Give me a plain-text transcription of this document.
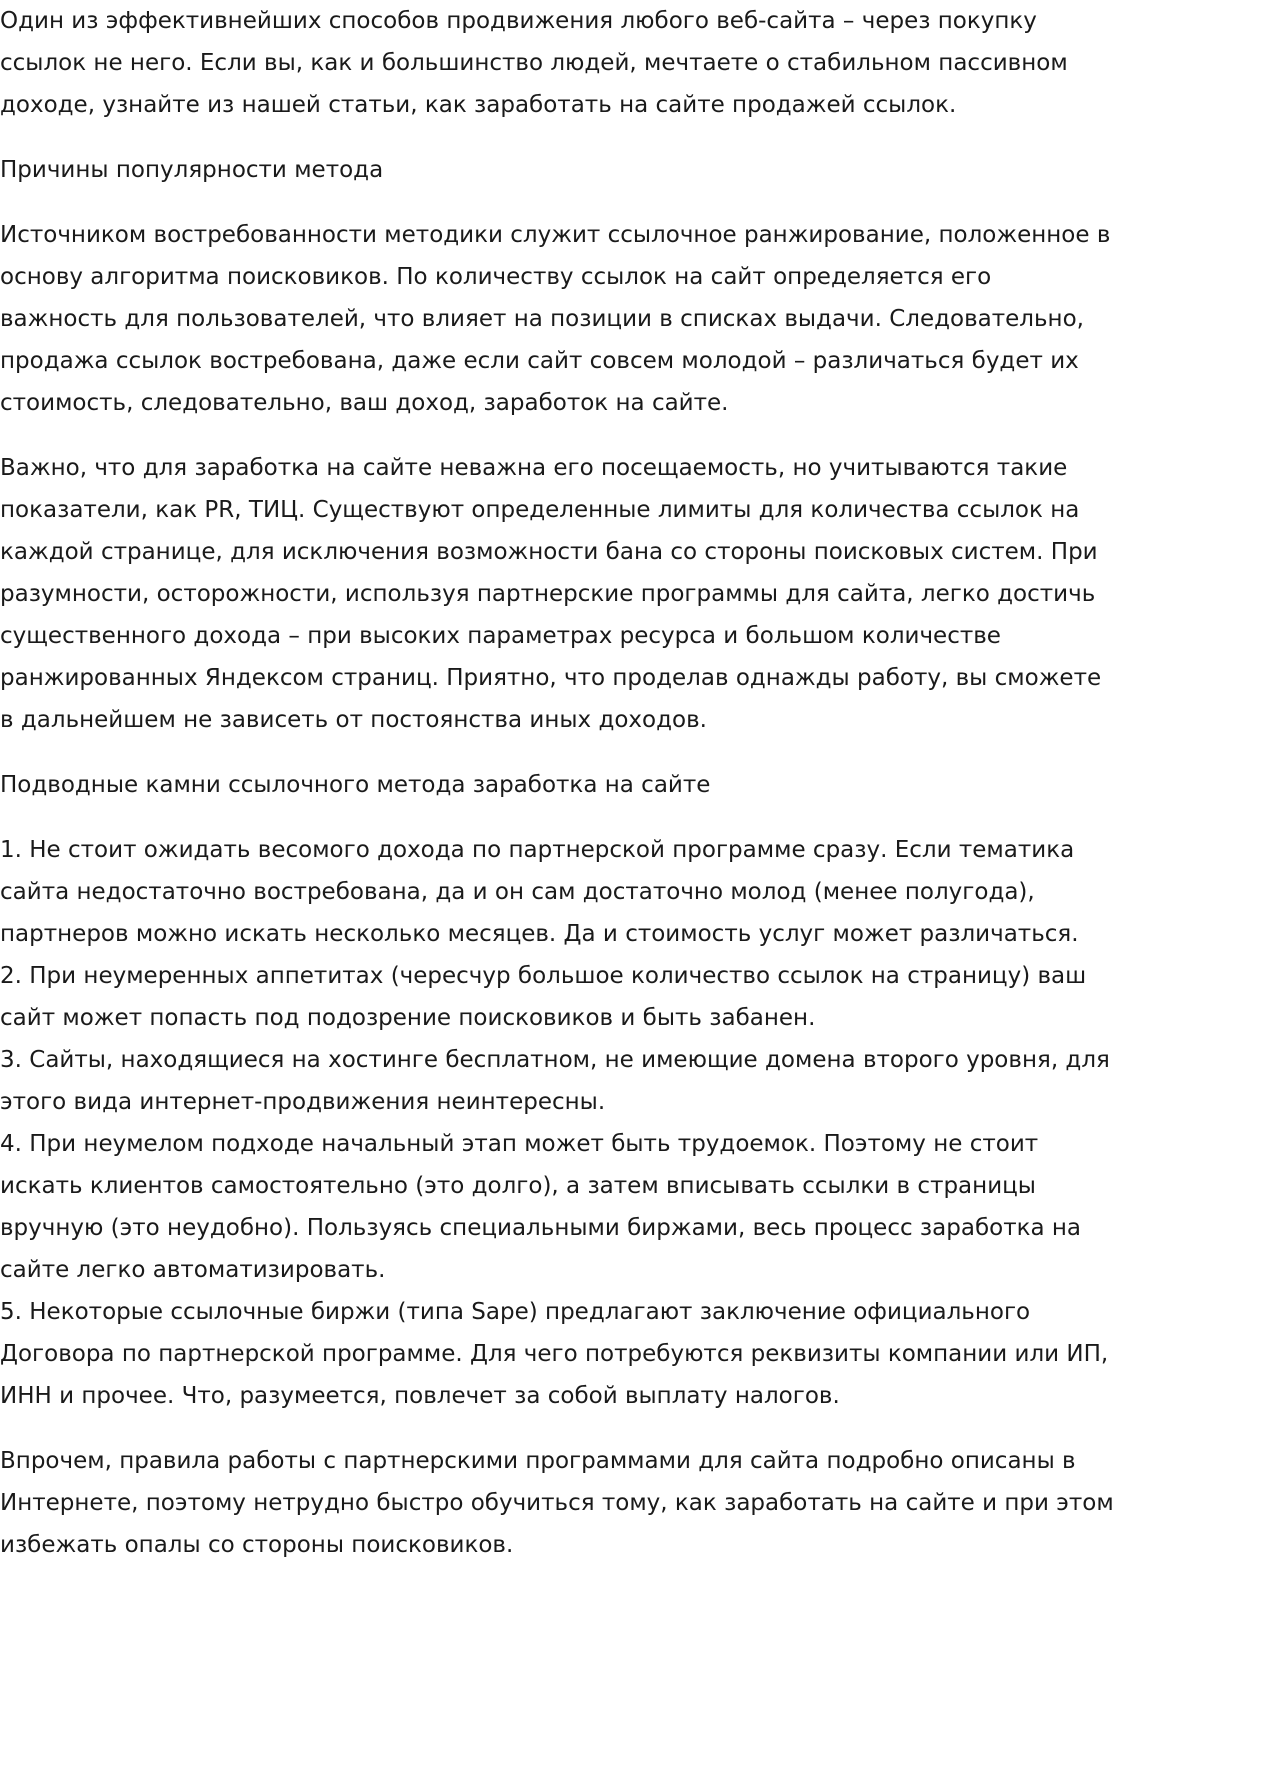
Один из эффективнейших способов продвижения любого веб-сайта – через покупку ссылок не него. Если вы, как и большинство людей, мечтаете о стабильном пассивном доходе, узнайте из нашей статьи, как заработать на сайте продажей ссылок.

Причины популярности метода

Источником востребованности методики служит ссылочное ранжирование, положенное в основу алгоритма поисковиков. По количеству ссылок на сайт определяется его важность для пользователей, что влияет на позиции в списках выдачи. Следовательно, продажа ссылок востребована, даже если сайт совсем молодой – различаться будет их стоимость, следовательно, ваш доход, заработок на сайте.

Важно, что для заработка на сайте неважна его посещаемость, но учитываются такие показатели, как PR, ТИЦ. Существуют определенные лимиты для количества ссылок на каждой странице, для исключения возможности бана со стороны поисковых систем. При разумности, осторожности, используя партнерские программы для сайта, легко достичь существенного дохода – при высоких параметрах ресурса и большом количестве ранжированных Яндексом страниц. Приятно, что проделав однажды работу, вы сможете в дальнейшем не зависеть от постоянства иных доходов.

Подводные камни ссылочного метода заработка на сайте

1. Не стоит ожидать весомого дохода по партнерской программе сразу. Если тематика сайта недостаточно востребована, да и он сам достаточно молод (менее полугода), партнеров можно искать несколько месяцев. Да и стоимость услуг может различаться.
2. При неумеренных аппетитах (чересчур большое количество ссылок на страницу) ваш сайт может попасть под подозрение поисковиков и быть забанен.
3. Сайты, находящиеся на хостинге бесплатном, не имеющие домена второго уровня, для этого вида интернет-продвижения неинтересны.
4. При неумелом подходе начальный этап может быть трудоемок. Поэтому не стоит искать клиентов самостоятельно (это долго), а затем вписывать ссылки в страницы вручную (это неудобно). Пользуясь специальными биржами, весь процесс заработка на сайте легко автоматизировать.
5. Некоторые ссылочные биржи (типа Sape) предлагают заключение официального Договора по партнерской программе. Для чего потребуются реквизиты компании или ИП, ИНН и прочее. Что, разумеется, повлечет за собой выплату налогов.

Впрочем, правила работы с партнерскими программами для сайта подробно описаны в Интернете, поэтому нетрудно быстро обучиться тому, как заработать на сайте и при этом избежать опалы со стороны поисковиков.
